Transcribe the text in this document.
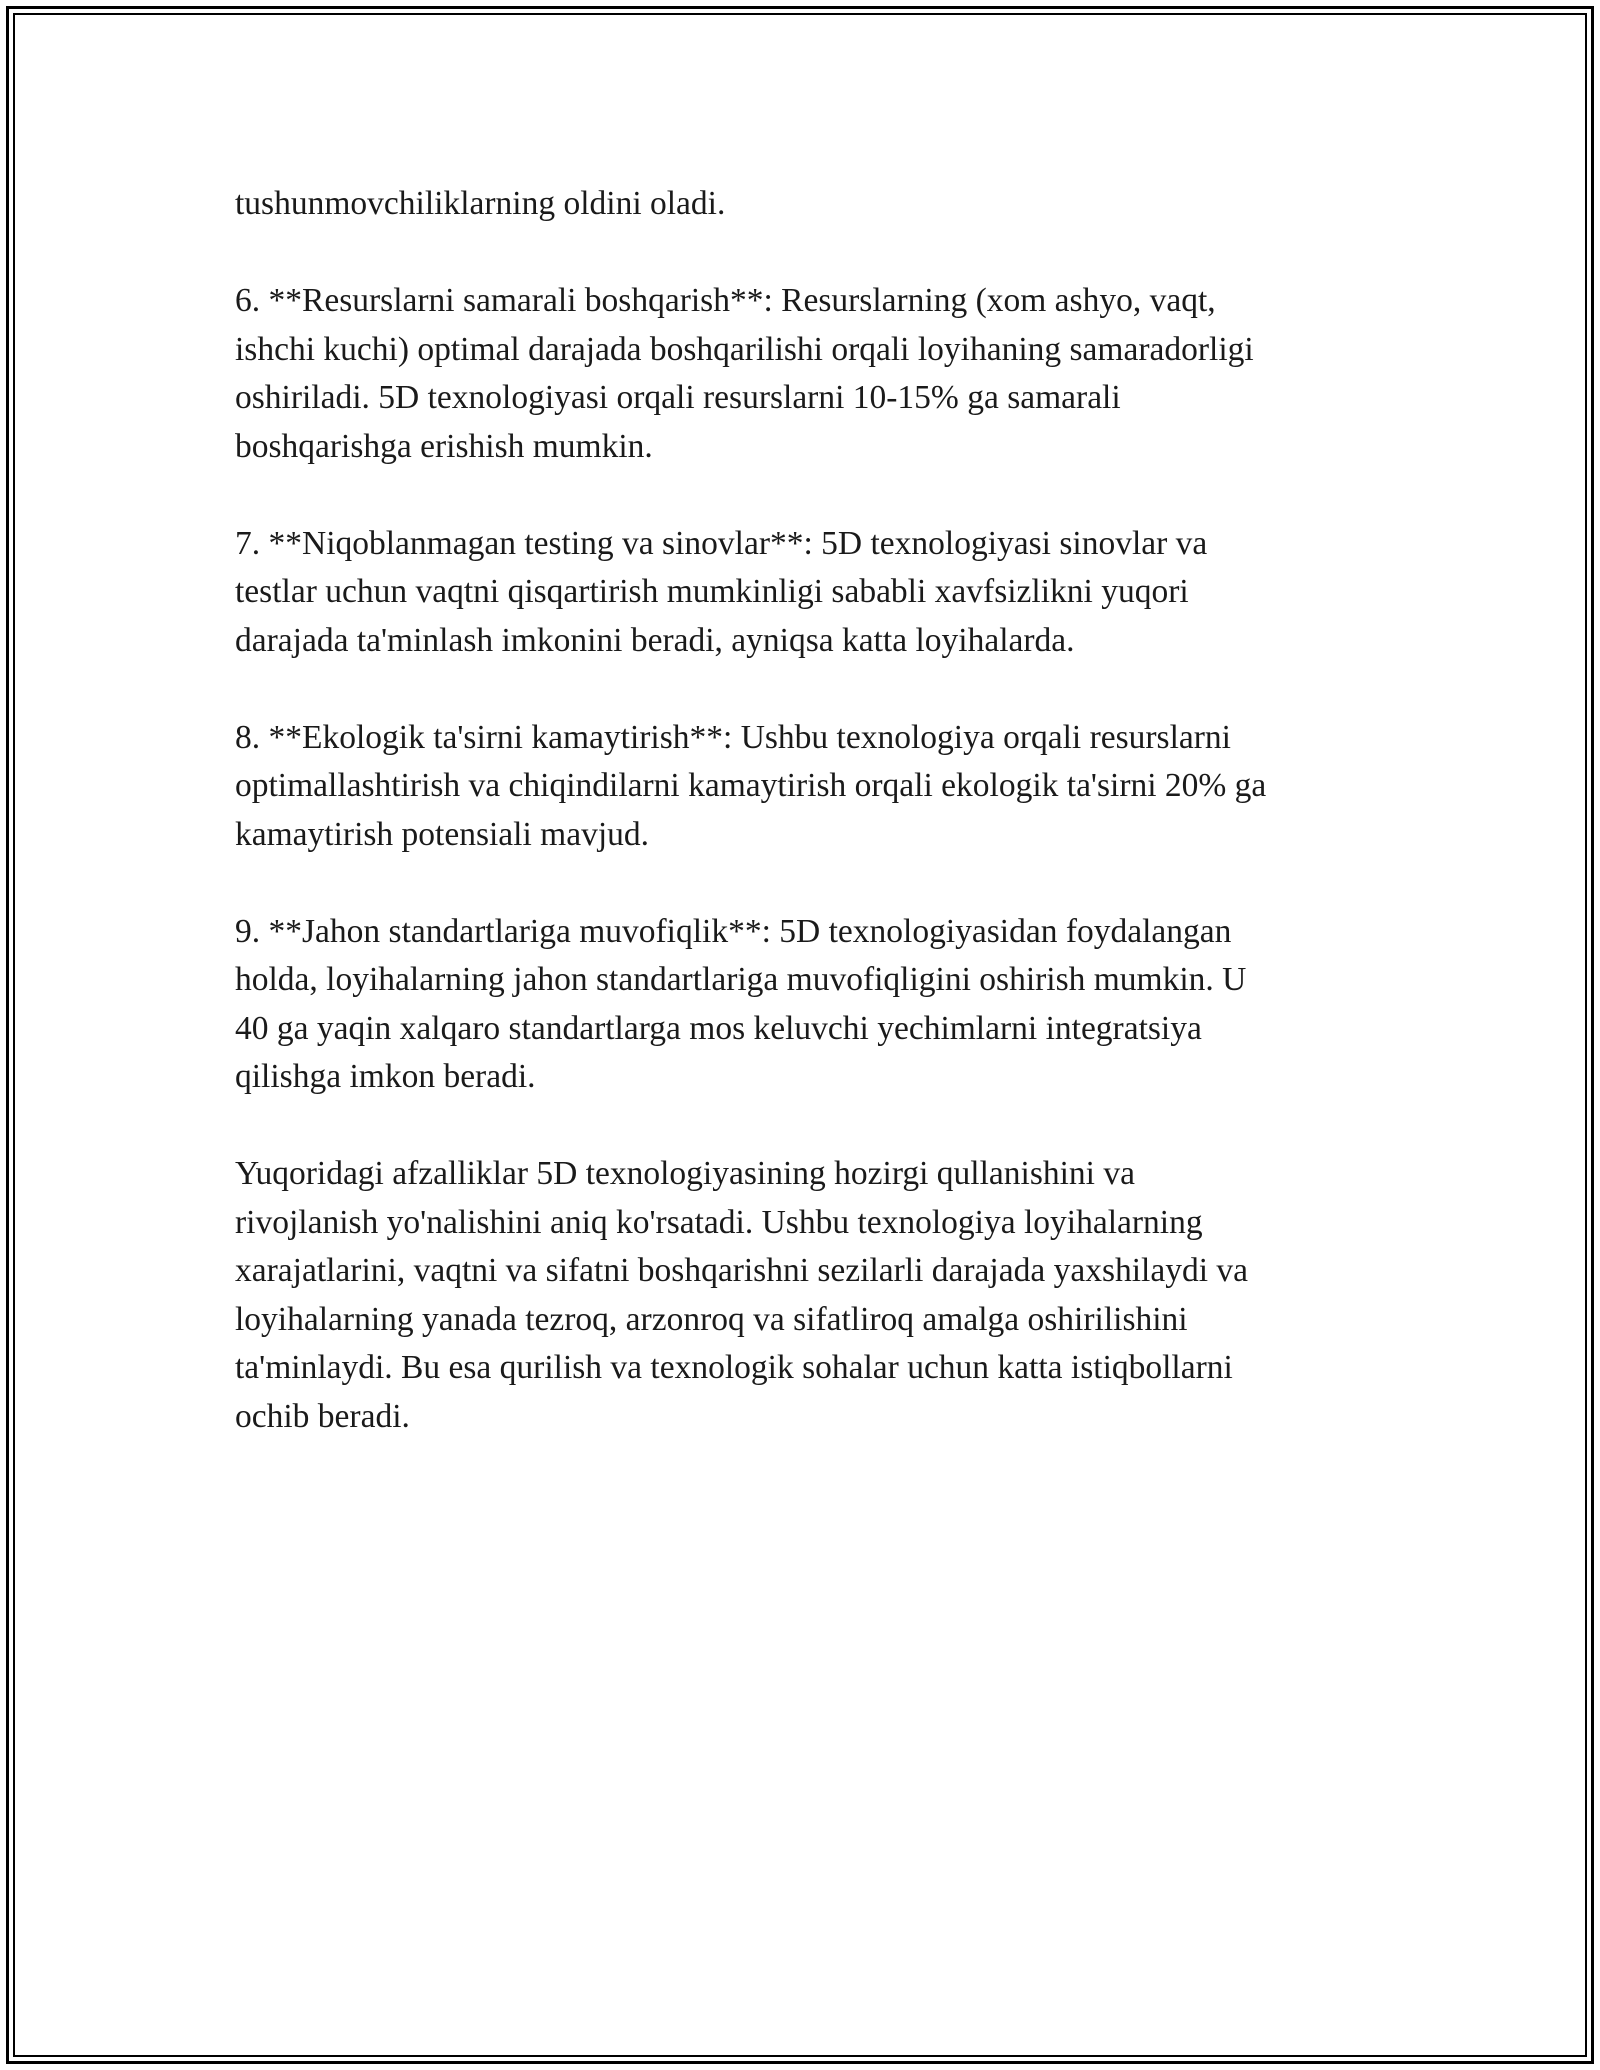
tushunmovchiliklarning oldini oladi.

6. **Resurslarni samarali boshqarish**: Resurslarning (xom ashyo, vaqt,
ishchi kuchi) optimal darajada boshqarilishi orqali loyihaning samaradorligi
oshiriladi. 5D texnologiyasi orqali resurslarni 10-15% ga samarali
boshqarishga erishish mumkin.

7. **Niqoblanmagan testing va sinovlar**: 5D texnologiyasi sinovlar va
testlar uchun vaqtni qisqartirish mumkinligi sababli xavfsizlikni yuqori
darajada ta'minlash imkonini beradi, ayniqsa katta loyihalarda.

8. **Ekologik ta'sirni kamaytirish**: Ushbu texnologiya orqali resurslarni
optimallashtirish va chiqindilarni kamaytirish orqali ekologik ta'sirni 20% ga
kamaytirish potensiali mavjud.

9. **Jahon standartlariga muvofiqlik**: 5D texnologiyasidan foydalangan
holda, loyihalarning jahon standartlariga muvofiqligini oshirish mumkin. U
40 ga yaqin xalqaro standartlarga mos keluvchi yechimlarni integratsiya
qilishga imkon beradi.

Yuqoridagi afzalliklar 5D texnologiyasining hozirgi qullanishini va
rivojlanish yo'nalishini aniq ko'rsatadi. Ushbu texnologiya loyihalarning
xarajatlarini, vaqtni va sifatni boshqarishni sezilarli darajada yaxshilaydi va
loyihalarning yanada tezroq, arzonroq va sifatliroq amalga oshirilishini
ta'minlaydi. Bu esa qurilish va texnologik sohalar uchun katta istiqbollarni
ochib beradi.
